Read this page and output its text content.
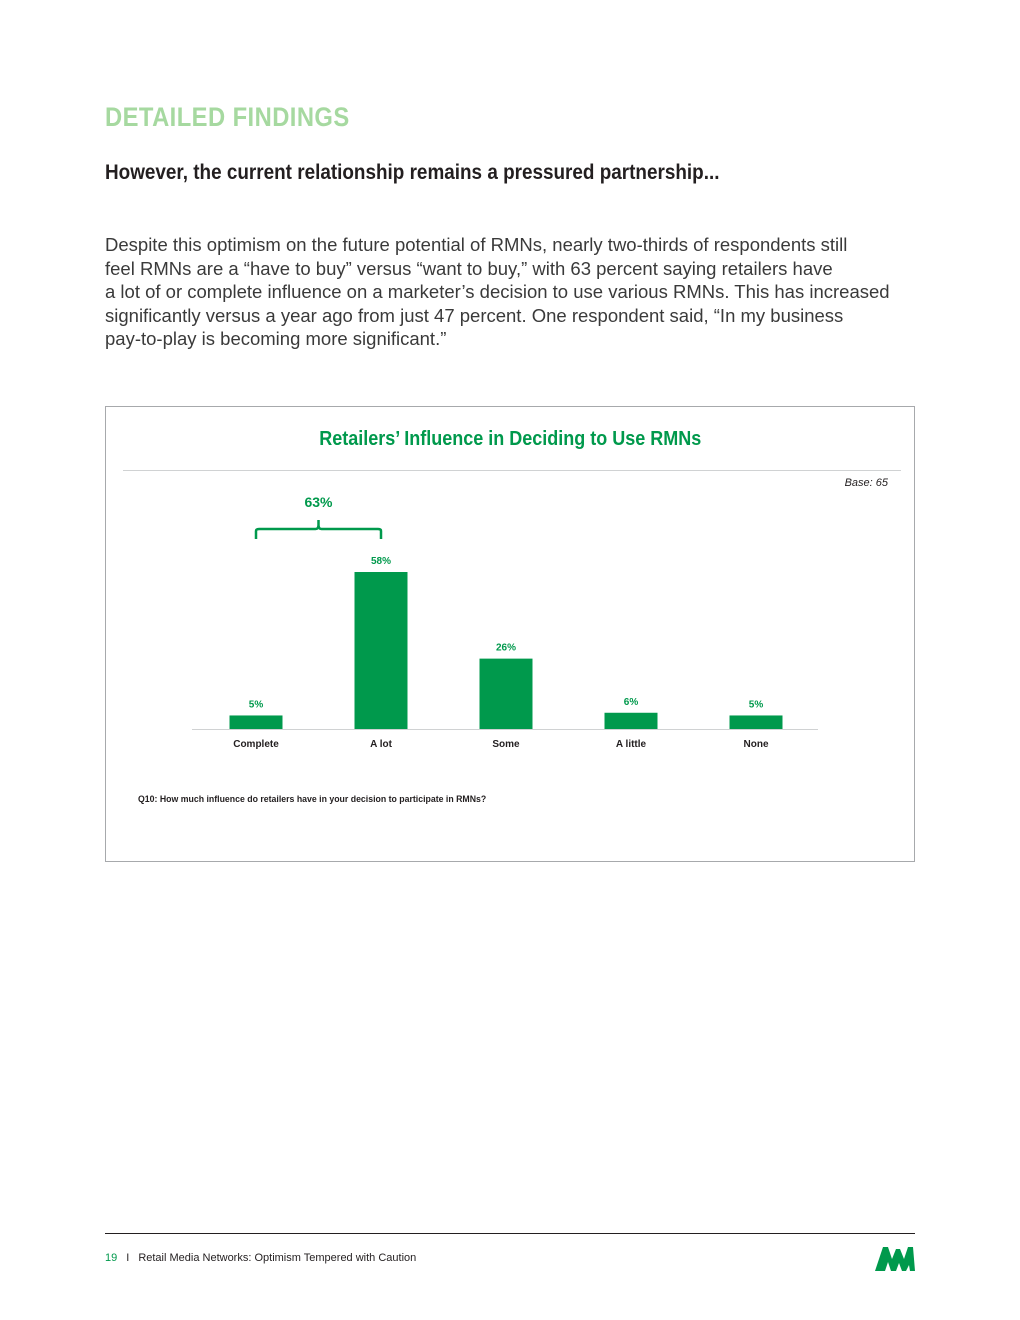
DETAILED FINDINGS
However, the current relationship remains a pressured partnership...
Despite this optimism on the future potential of RMNs, nearly two-thirds of respondents still
feel RMNs are a “have to buy” versus “want to buy,” with 63 percent saying retailers have
a lot of or complete influence on a marketer’s decision to use various RMNs. This has increased
significantly versus a year ago from just 47 percent. One respondent said, “In my business
pay-to-play is becoming more significant.”
Retailers’ Influence in Deciding to Use RMNs
Base: 65
5%
Complete
58%
A lot
26%
Some
6%
A little
5%
None
63%
Q10: How much influence do retailers have in your decision to participate in RMNs?
19 I Retail Media Networks: Optimism Tempered with Caution
